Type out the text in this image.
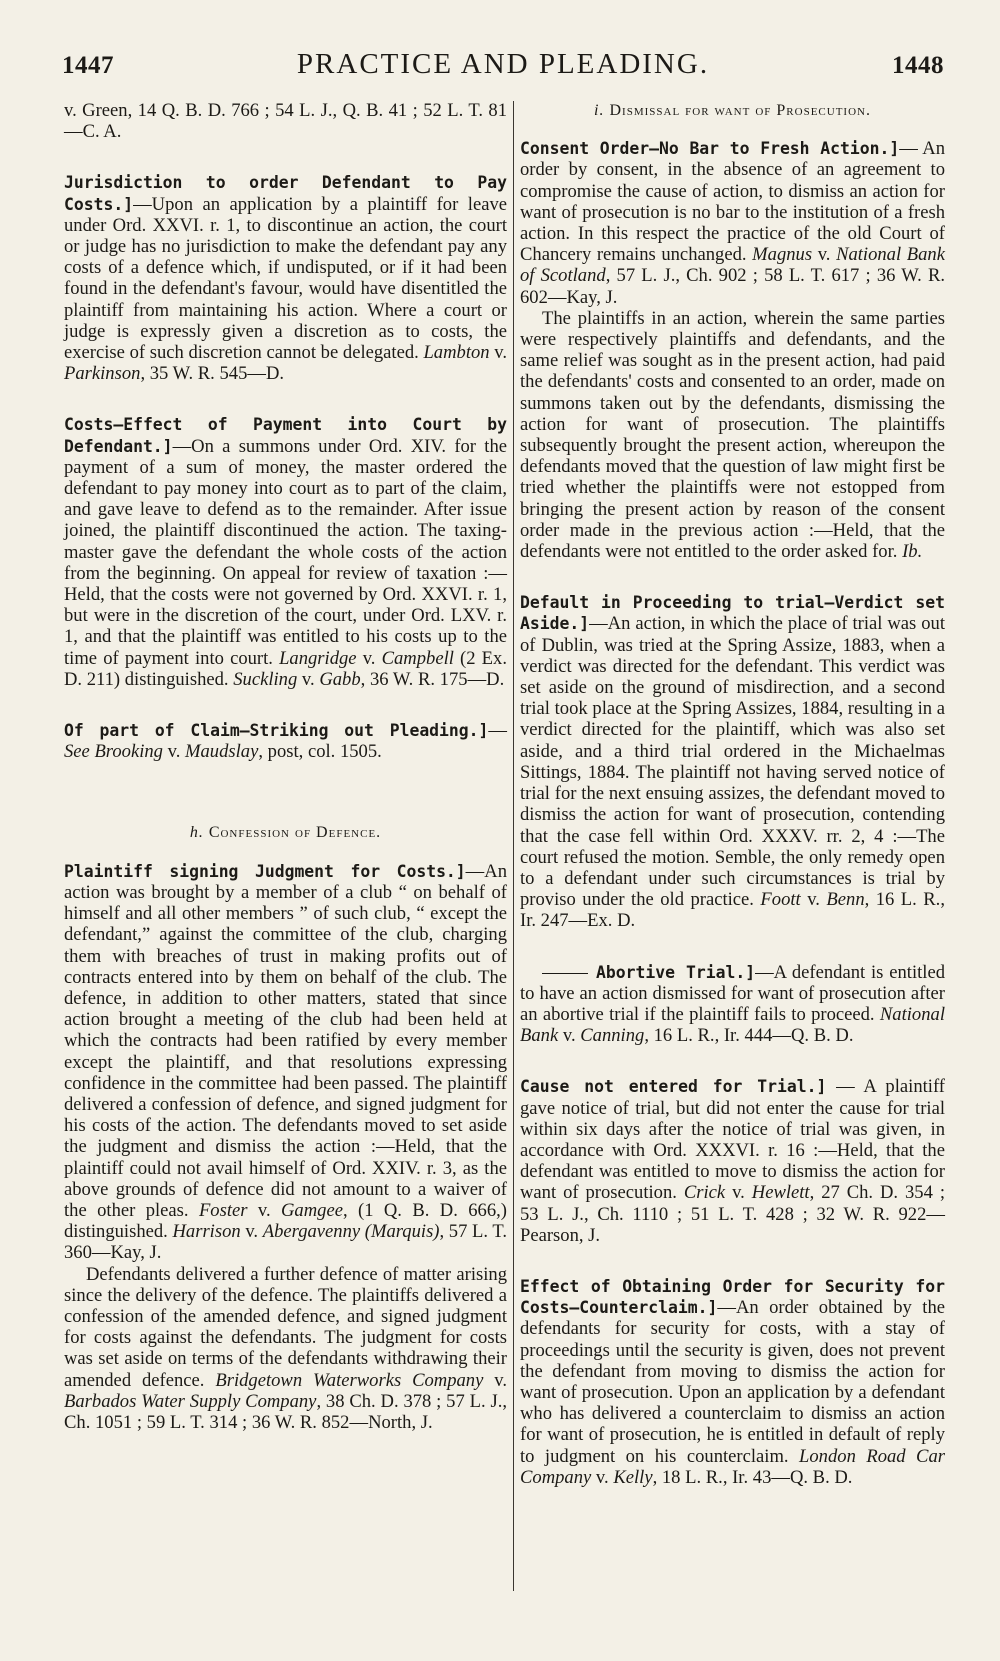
1447	PRACTICE AND PLEADING.	1448

v. Green, 14 Q. B. D. 766 ; 54 L. J., Q. B. 41 ; 52 L. T. 81—C. A.

Jurisdiction to order Defendant to Pay Costs.]—Upon an application by a plaintiff for leave under Ord. XXVI. r. 1, to discontinue an action, the court or judge has no jurisdiction to make the defendant pay any costs of a defence which, if undisputed, or if it had been found in the defendant's favour, would have disentitled the plaintiff from maintaining his action. Where a court or judge is expressly given a discretion as to costs, the exercise of such discretion cannot be delegated. Lambton v. Parkinson, 35 W. R. 545—D.

Costs—Effect of Payment into Court by Defendant.]—On a summons under Ord. XIV. for the payment of a sum of money, the master ordered the defendant to pay money into court as to part of the claim, and gave leave to defend as to the remainder. After issue joined, the plaintiff discontinued the action. The taxing-master gave the defendant the whole costs of the action from the beginning. On appeal for review of taxation :—Held, that the costs were not governed by Ord. XXVI. r. 1, but were in the discretion of the court, under Ord. LXV. r. 1, and that the plaintiff was entitled to his costs up to the time of payment into court. Langridge v. Campbell (2 Ex. D. 211) distinguished. Suckling v. Gabb, 36 W. R. 175—D.

Of part of Claim—Striking out Pleading.]— See Brooking v. Maudslay, post, col. 1505.

h. Confession of Defence.

Plaintiff signing Judgment for Costs.]—An action was brought by a member of a club “ on behalf of himself and all other members ” of such club, “ except the defendant,” against the committee of the club, charging them with breaches of trust in making profits out of contracts entered into by them on behalf of the club. The defence, in addition to other matters, stated that since action brought a meeting of the club had been held at which the contracts had been ratified by every member except the plaintiff, and that resolutions expressing confidence in the committee had been passed. The plaintiff delivered a confession of defence, and signed judgment for his costs of the action. The defendants moved to set aside the judgment and dismiss the action :—Held, that the plaintiff could not avail himself of Ord. XXIV. r. 3, as the above grounds of defence did not amount to a waiver of the other pleas. Foster v. Gamgee, (1 Q. B. D. 666,) distinguished. Harrison v. Abergavenny (Marquis), 57 L. T. 360—Kay, J.

Defendants delivered a further defence of matter arising since the delivery of the defence. The plaintiffs delivered a confession of the amended defence, and signed judgment for costs against the defendants. The judgment for costs was set aside on terms of the defendants withdrawing their amended defence. Bridgetown Waterworks Company v. Barbados Water Supply Company, 38 Ch. D. 378 ; 57 L. J., Ch. 1051 ; 59 L. T. 314 ; 36 W. R. 852—North, J.

i. Dismissal for want of Prosecution.

Consent Order—No Bar to Fresh Action.]— An order by consent, in the absence of an agreement to compromise the cause of action, to dismiss an action for want of prosecution is no bar to the institution of a fresh action. In this respect the practice of the old Court of Chancery remains unchanged. Magnus v. National Bank of Scotland, 57 L. J., Ch. 902 ; 58 L. T. 617 ; 36 W. R. 602—Kay, J.

The plaintiffs in an action, wherein the same parties were respectively plaintiffs and defendants, and the same relief was sought as in the present action, had paid the defendants' costs and consented to an order, made on summons taken out by the defendants, dismissing the action for want of prosecution. The plaintiffs subsequently brought the present action, whereupon the defendants moved that the question of law might first be tried whether the plaintiffs were not estopped from bringing the present action by reason of the consent order made in the previous action :—Held, that the defendants were not entitled to the order asked for. Ib.

Default in Proceeding to trial—Verdict set Aside.]—An action, in which the place of trial was out of Dublin, was tried at the Spring Assize, 1883, when a verdict was directed for the defendant. This verdict was set aside on the ground of misdirection, and a second trial took place at the Spring Assizes, 1884, resulting in a verdict directed for the plaintiff, which was also set aside, and a third trial ordered in the Michaelmas Sittings, 1884. The plaintiff not having served notice of trial for the next ensuing assizes, the defendant moved to dismiss the action for want of prosecution, contending that the case fell within Ord. XXXV. rr. 2, 4 :—The court refused the motion. Semble, the only remedy open to a defendant under such circumstances is trial by proviso under the old practice. Foott v. Benn, 16 L. R., Ir. 247—Ex. D.

Abortive Trial.]—A defendant is entitled to have an action dismissed for want of prosecution after an abortive trial if the plaintiff fails to proceed. National Bank v. Canning, 16 L. R., Ir. 444—Q. B. D.

Cause not entered for Trial.] — A plaintiff gave notice of trial, but did not enter the cause for trial within six days after the notice of trial was given, in accordance with Ord. XXXVI. r. 16 :—Held, that the defendant was entitled to move to dismiss the action for want of prosecution. Crick v. Hewlett, 27 Ch. D. 354 ; 53 L. J., Ch. 1110 ; 51 L. T. 428 ; 32 W. R. 922—Pearson, J.

Effect of Obtaining Order for Security for Costs—Counterclaim.]—An order obtained by the defendants for security for costs, with a stay of proceedings until the security is given, does not prevent the defendant from moving to dismiss the action for want of prosecution. Upon an application by a defendant who has delivered a counterclaim to dismiss an action for want of prosecution, he is entitled in default of reply to judgment on his counterclaim. London Road Car Company v. Kelly, 18 L. R., Ir. 43—Q. B. D.
